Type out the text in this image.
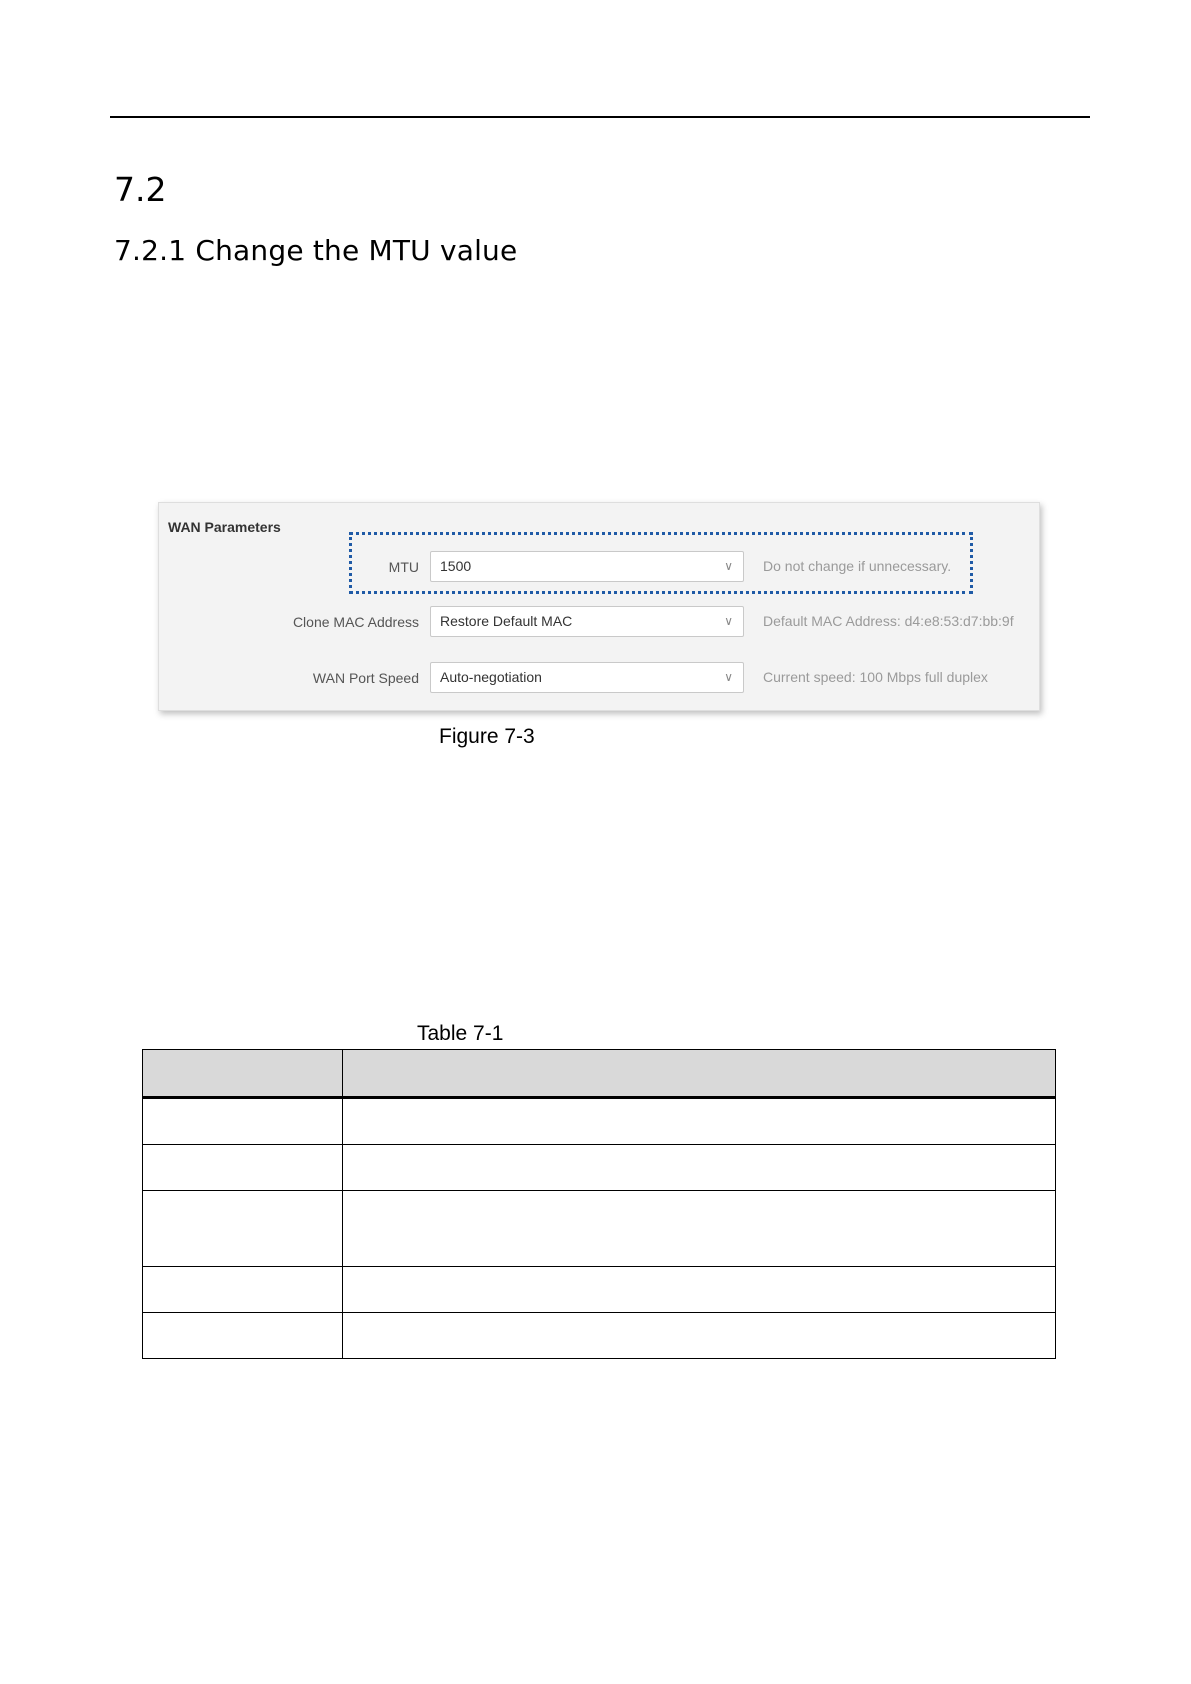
7.2
7.2.1 Change the MTU value
WAN Parameters
MTU	1500	∨ Do not change if unnecessary.
Clone MAC Address	Restore Default MAC	∨ Default MAC Address: d4:e8:53:d7:bb:9f
WAN Port Speed	Auto-negotiation	∨ Current speed: 100 Mbps full duplex
Figure 7-3
Table 7-1
